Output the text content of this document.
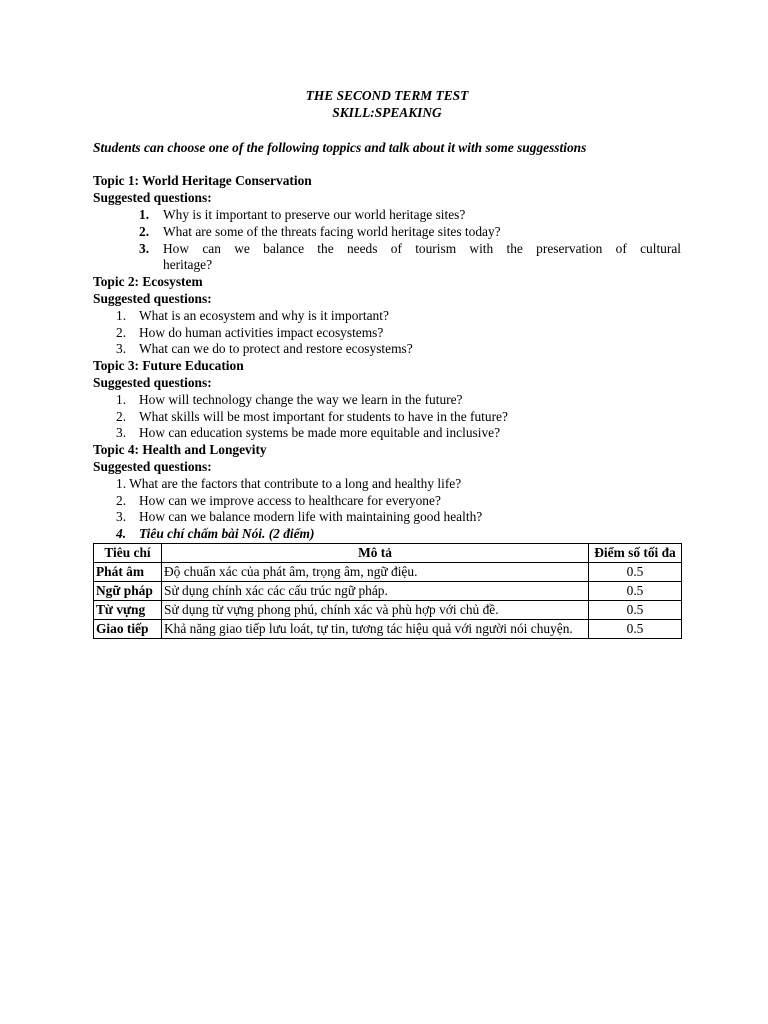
THE SECOND TERM TEST

SKILL:SPEAKING

Students can choose one of the following toppics and talk about it with some suggesstions

Topic 1: World Heritage Conservation

Suggested questions:

1. Why is it important to preserve our world heritage sites?
2. What are some of the threats facing world heritage sites today?
3. How can we balance the needs of tourism with the preservation of cultural
heritage?

Topic 2: Ecosystem

Suggested questions:

1. What is an ecosystem and why is it important?
2. How do human activities impact ecosystems?
3. What can we do to protect and restore ecosystems?

Topic 3: Future Education

Suggested questions:

1. How will technology change the way we learn in the future?
2. What skills will be most important for students to have in the future?
3. How can education systems be made more equitable and inclusive?

Topic 4: Health and Longevity

Suggested questions:

1. What are the factors that contribute to a long and healthy life?
2. How can we improve access to healthcare for everyone?
3. How can we balance modern life with maintaining good health?

4. Tiêu chí chấm bài Nói. (2 điểm)

Tiêu chí	Mô tả	Điểm số tối đa
Phát âm	Độ chuẩn xác của phát âm, trọng âm, ngữ điệu.	0.5
Ngữ pháp	Sử dụng chính xác các cấu trúc ngữ pháp.	0.5
Từ vựng	Sử dụng từ vựng phong phú, chính xác và phù hợp với chủ đề.	0.5
Giao tiếp	Khả năng giao tiếp lưu loát, tự tin, tương tác hiệu quả với người nói chuyện.	0.5
